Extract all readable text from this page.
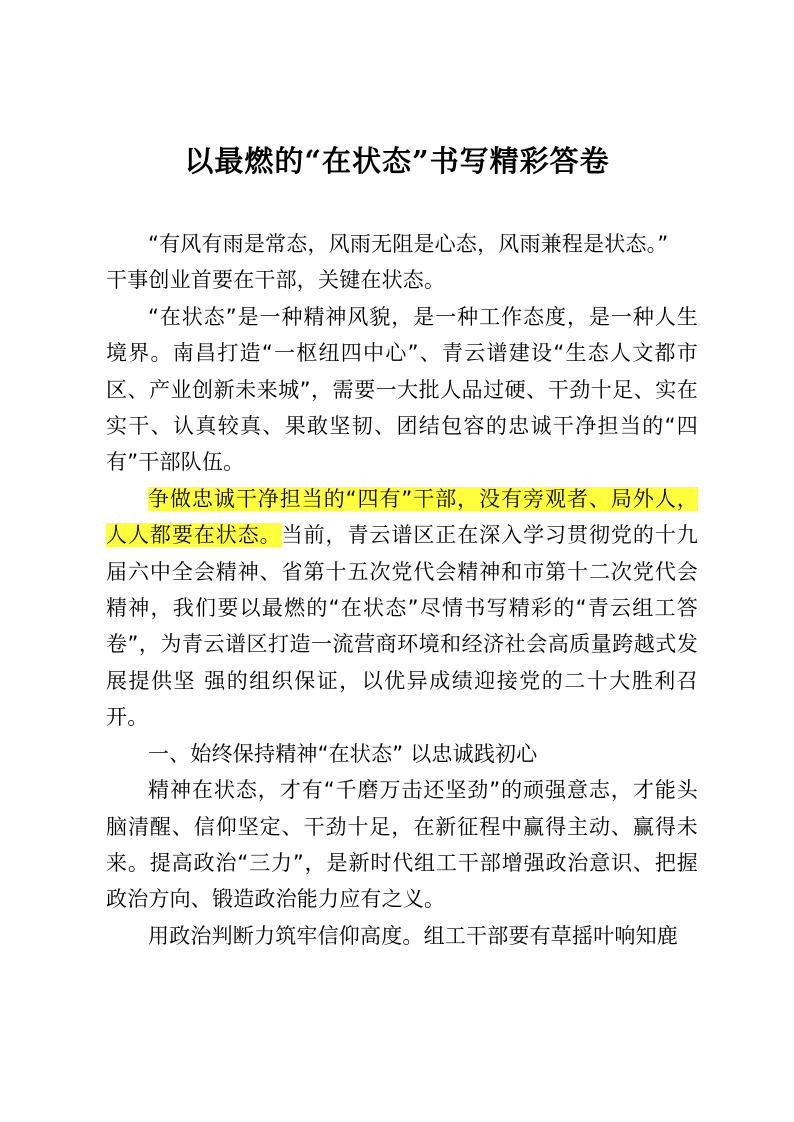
以最燃的“在状态”书写精彩答卷

“有风有雨是常态，风雨无阻是心态，风雨兼程是状态。”

干事创业首要在干部，关键在状态。

“在状态”是一种精神风貌，是一种工作态度，是一种人生境界。南昌打造“一枢纽四中心”、青云谱建设“生态人文都市区、产业创新未来城”，需要一大批人品过硬、干劲十足、实在实干、认真较真、果敢坚韧、团结包容的忠诚干净担当的“四有”干部队伍。

争做忠诚干净担当的“四有”干部，没有旁观者、局外人，人人都要在状态。当前，青云谱区正在深入学习贯彻党的十九届六中全会精神、省第十五次党代会精神和市第十二次党代会精神，我们要以最燃的“在状态”尽情书写精彩的“青云组工答卷”，为青云谱区打造一流营商环境和经济社会高质量跨越式发展提供坚 强的组织保证，以优异成绩迎接党的二十大胜利召开。

一、始终保持精神“在状态” 以忠诚践初心

精神在状态，才有“千磨万击还坚劲”的顽强意志，才能头脑清醒、信仰坚定、干劲十足，在新征程中赢得主动、赢得未来。提高政治“三力”，是新时代组工干部增强政治意识、把握政治方向、锻造政治能力应有之义。

用政治判断力筑牢信仰高度。组工干部要有草摇叶响知鹿
